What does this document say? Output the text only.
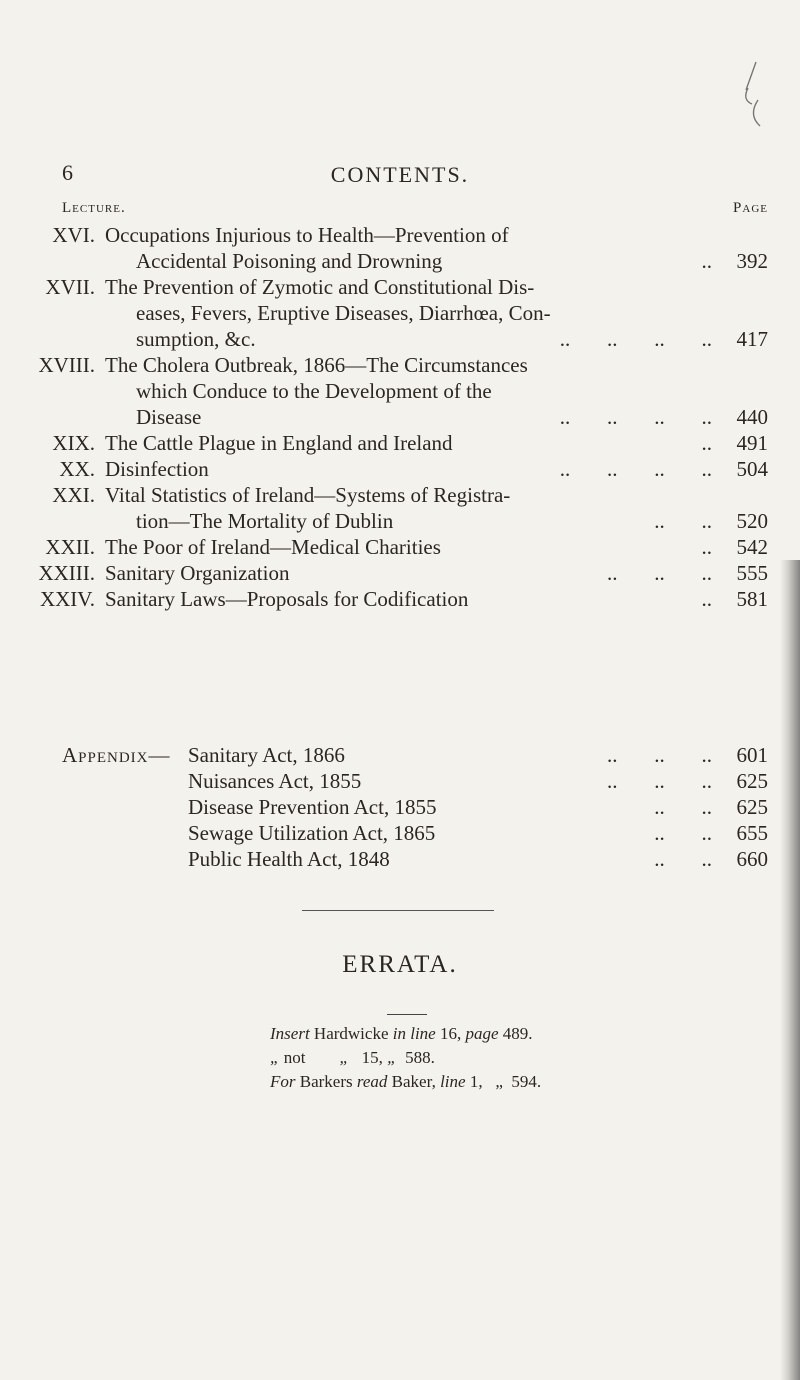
6	CONTENTS.
Lecture.	Page
XVI. Occupations Injurious to Health—Prevention of
Accidental Poisoning and Drowning	.. 392
XVII. The Prevention of Zymotic and Constitutional Dis-
eases, Fevers, Eruptive Diseases, Diarrhœa, Con-
sumption, &c.	..       ..       ..       .. 417
XVIII. The Cholera Outbreak, 1866—The Circumstances
which Conduce to the Development of the
Disease	..       ..       ..       .. 440
XIX. The Cattle Plague in England and Ireland	.. 491
XX. Disinfection	..       ..       ..       .. 504
XXI. Vital Statistics of Ireland—Systems of Registra-
tion—The Mortality of Dublin	..       .. 520
XXII. The Poor of Ireland—Medical Charities	.. 542
XXIII. Sanitary Organization	..       ..       .. 555
XXIV. Sanitary Laws—Proposals for Codification	.. 581
Appendix— Sanitary Act, 1866	..       ..       .. 601
Nuisances Act, 1855	..       ..       .. 625
Disease Prevention Act, 1855	..       .. 625
Sewage Utilization Act, 1865	..       .. 655
Public Health Act, 1848	..       .. 660
ERRATA.
Insert Hardwicke in line 16, page 489.
„ not        „   15, „  588.
For Barkers read Baker, line 1,   „  594.
